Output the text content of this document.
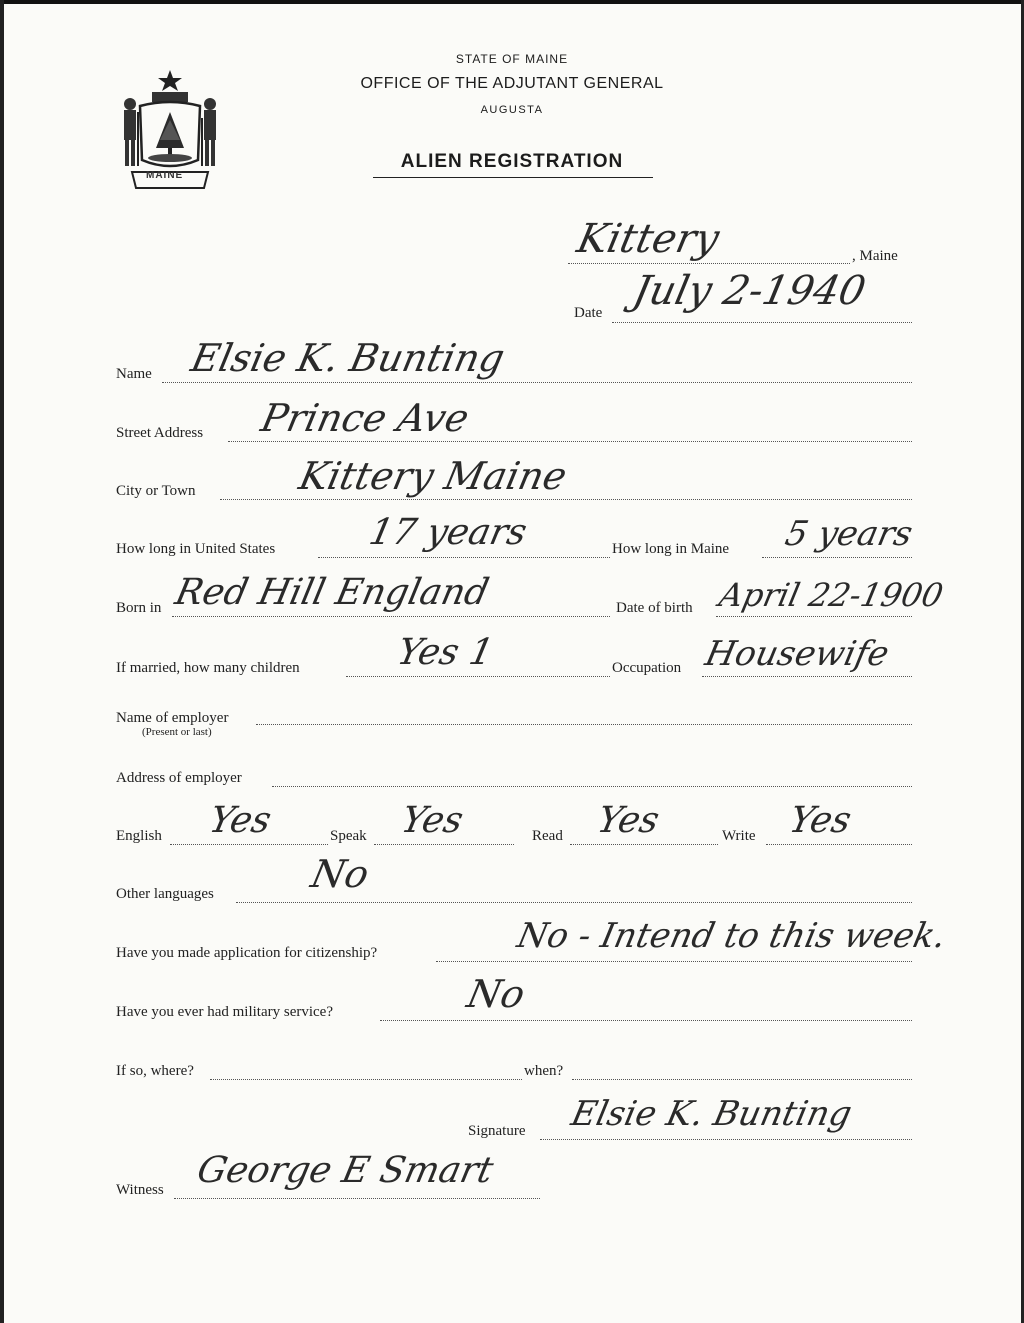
MAINE
STATE OF MAINE
OFFICE OF THE ADJUTANT GENERAL
AUGUSTA
ALIEN REGISTRATION
Kittery	, Maine
Date July 2-1940
Name Elsie K. Bunting
Street Address Prince Ave
City or Town	Kittery Maine
How long in United States	17 years	How long in Maine 5 years
Born in Red Hill England	Date of birth April 22-1900
If married, how many children	Yes 1	Occupation Housewife
Name of employer
(Present or last)
Address of employer
English Yes	Speak Yes	Read Yes	Write Yes
Other languages No
Have you made application for citizenship?	No - Intend to this week.
Have you ever had military service?	No
If so, where?	when?
Signature Elsie K. Bunting
Witness George E Smart
